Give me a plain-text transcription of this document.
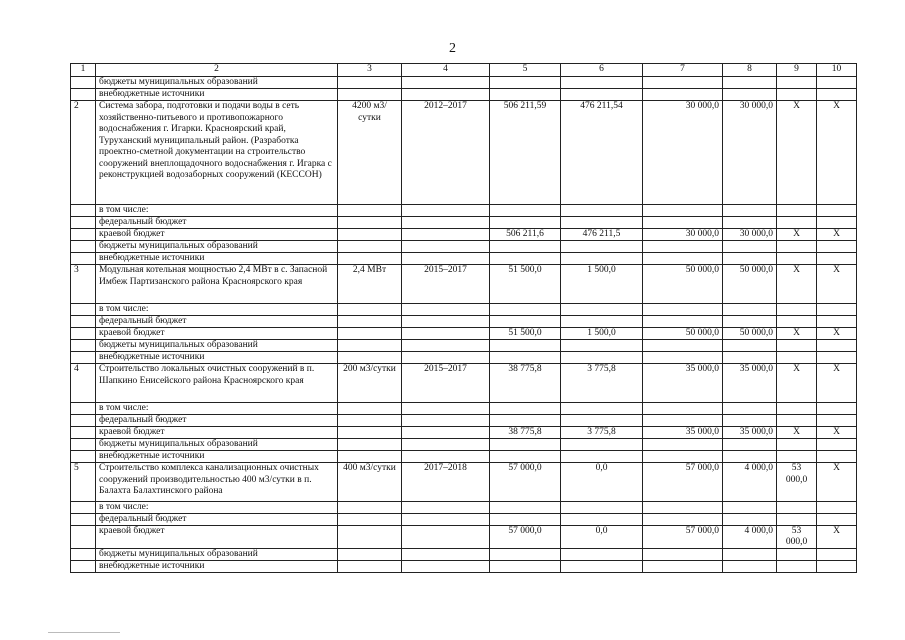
2
1	2	3	4	5	6	7	8	9	10
	бюджеты муниципальных образований								
	внебюджетные источники								
2	Система забора, подготовки и подачи воды в сеть хозяйственно-питьевого и противопожарного водоснабжения г. Игарки. Красноярский край, Туруханский муниципальный район. (Разработка проектно-сметной документации на строительство сооружений внеплощадочного водоснабжения г. Игарка с реконструкцией водозаборных сооружений (КЕССОН)	4200 м3/сутки	2012–2017	506 211,59	476 211,54	30 000,0	30 000,0	Х	Х
	в том числе:								
	федеральный бюджет								
	краевой бюджет			506 211,6	476 211,5	30 000,0	30 000,0	Х	Х
	бюджеты муниципальных образований								
	внебюджетные источники								
3	Модульная котельная мощностью 2,4 МВт в с. Запасной Имбеж Партизанского района Красноярского края	2,4 МВт	2015–2017	51 500,0	1 500,0	50 000,0	50 000,0	Х	Х
	в том числе:								
	федеральный бюджет								
	краевой бюджет			51 500,0	1 500,0	50 000,0	50 000,0	Х	Х
	бюджеты муниципальных образований								
	внебюджетные источники								
4	Строительство локальных очистных сооружений в п. Шапкино Енисейского района Красноярского края	200 м3/сутки	2015–2017	38 775,8	3 775,8	35 000,0	35 000,0	Х	Х
	в том числе:								
	федеральный бюджет								
	краевой бюджет			38 775,8	3 775,8	35 000,0	35 000,0	Х	Х
	бюджеты муниципальных образований								
	внебюджетные источники								
5	Строительство комплекса канализационных очистных сооружений производительностью 400 м3/сутки в п. Балахта Балахтинского района	400 м3/сутки	2017–2018	57 000,0	0,0	57 000,0	4 000,0	53 000,0	Х
	в том числе:								
	федеральный бюджет								
	краевой бюджет			57 000,0	0,0	57 000,0	4 000,0	53 000,0	Х
	бюджеты муниципальных образований								
	внебюджетные источники								
